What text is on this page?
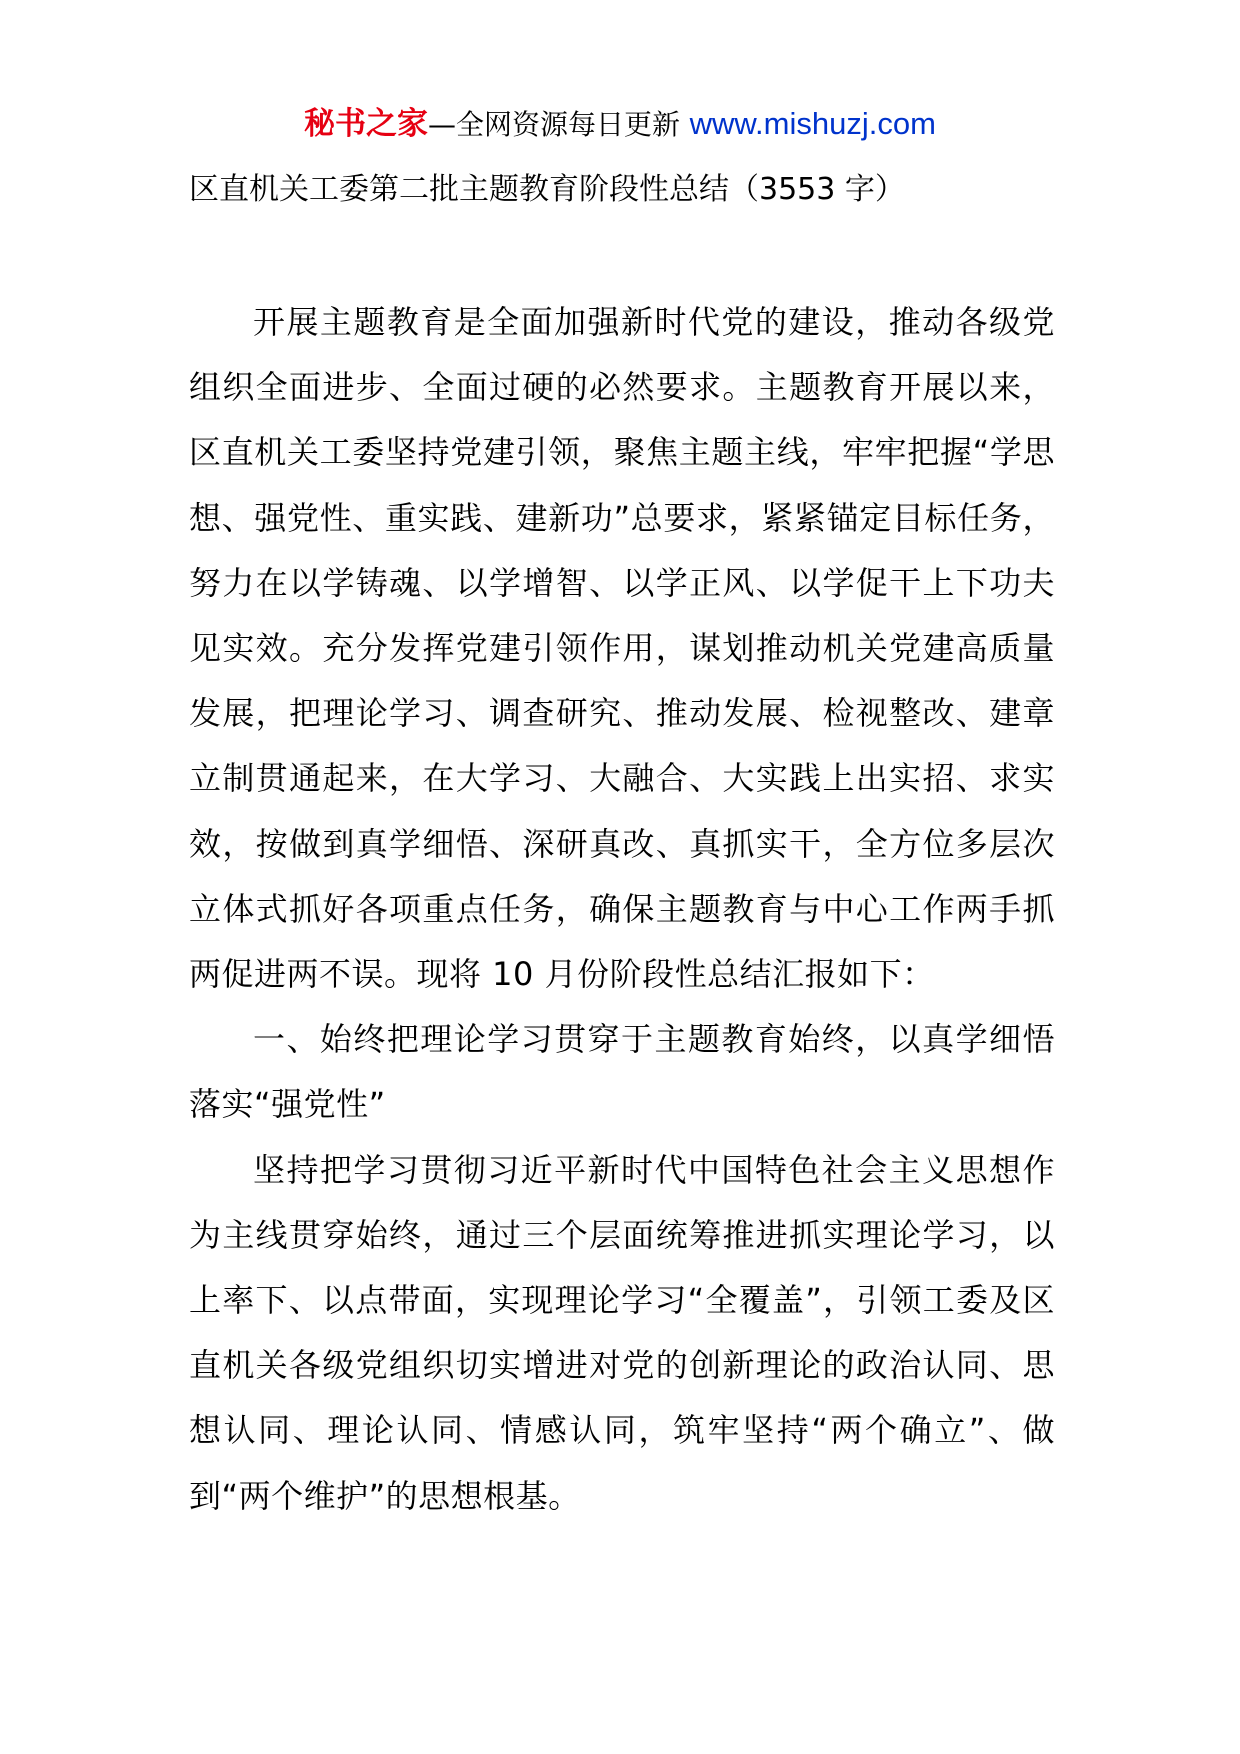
秘书之家—全网资源每日更新 www.mishuzj.com
区直机关工委第二批主题教育阶段性总结（3553 字）

开展主题教育是全面加强新时代党的建设，推动各级党组织全面进步、全面过硬的必然要求。主题教育开展以来，区直机关工委坚持党建引领，聚焦主题主线，牢牢把握“学思想、强党性、重实践、建新功”总要求，紧紧锚定目标任务，努力在以学铸魂、以学增智、以学正风、以学促干上下功夫见实效。充分发挥党建引领作用，谋划推动机关党建高质量发展，把理论学习、调查研究、推动发展、检视整改、建章立制贯通起来，在大学习、大融合、大实践上出实招、求实效，按做到真学细悟、深研真改、真抓实干，全方位多层次立体式抓好各项重点任务，确保主题教育与中心工作两手抓两促进两不误。现将 10 月份阶段性总结汇报如下：

一、始终把理论学习贯穿于主题教育始终，以真学细悟落实“强党性”

坚持把学习贯彻习近平新时代中国特色社会主义思想作为主线贯穿始终，通过三个层面统筹推进抓实理论学习，以上率下、以点带面，实现理论学习“全覆盖”，引领工委及区直机关各级党组织切实增进对党的创新理论的政治认同、思想认同、理论认同、情感认同，筑牢坚持“两个确立”、做到“两个维护”的思想根基。
